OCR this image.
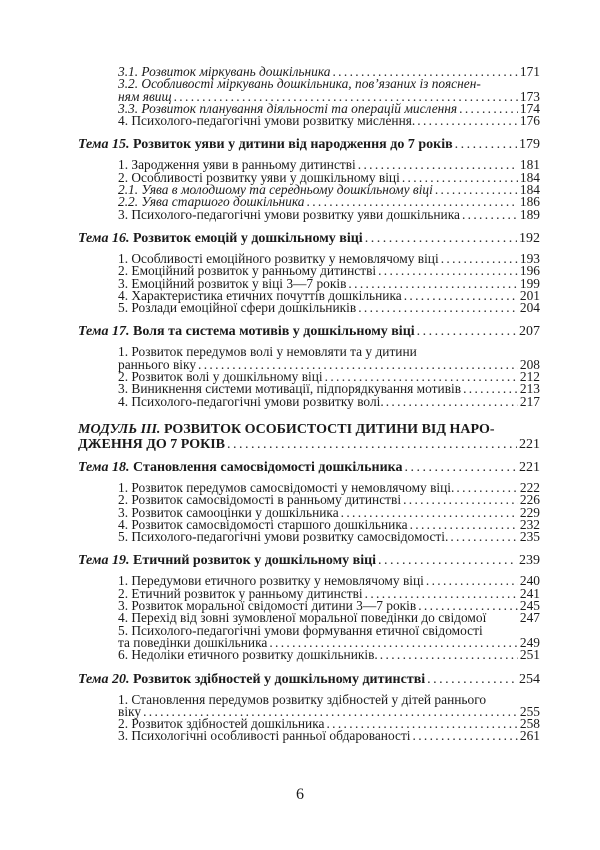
3.1. Розвиток міркувань дошкільника . . .	171
3.2. Особливості міркувань дошкільника, пов’язаних із пояснен-
ням явищ . . .	173
3.3. Розвиток планування діяльності та операцій мислення . . .	174
4. Психолого-педагогічні умови розвитку мислення. . . .	176
Тема 15. Розвиток уяви у дитини від народження до 7 років . . .	179
1. Зародження уяви в ранньому дитинстві . . .	181
2. Особливості розвитку уяви у дошкільному віці . . .	184
2.1. Уява в молодшому та середньому дошкільному віці . . .	184
2.2. Уява старшого дошкільника . . .	186
3. Психолого-педагогічні умови розвитку уяви дошкільника . . .	189
Тема 16. Розвиток емоцій у дошкільному віці . . .	192
1. Особливості емоційного розвитку у немовлячому віці . . .	193
2. Емоційний розвиток у ранньому дитинстві . . .	196
3. Емоційний розвиток у віці 3—7 років . . .	199
4. Характеристика етичних почуттів дошкільника . . .	201
5. Розлади емоційної сфери дошкільників . . .	204
Тема 17. Воля та система мотивів у дошкільному віці . . .	207
1. Розвиток передумов волі у немовляти та у дитини
раннього віку . . .	208
2. Розвиток волі у дошкільному віці . . .	212
3. Виникнення системи мотивації, підпорядкування мотивів . . .	213
4. Психолого-педагогічні умови розвитку волі. . . .	217
МОДУЛЬ III. РОЗВИТОК ОСОБИСТОСТІ ДИТИНИ ВІД НАРО-
ДЖЕННЯ ДО 7 РОКІВ . . .	221
Тема 18. Становлення самосвідомості дошкільника . . .	221
1. Розвиток передумов самосвідомості у немовлячому віці. . . .	222
2. Розвиток самосвідомості в ранньому дитинстві . . .	226
3. Розвиток самооцінки у дошкільника . . .	229
4. Розвиток самосвідомості старшого дошкільника . . .	232
5. Психолого-педагогічні умови розвитку самосвідомості. . . .	235
Тема 19. Етичний розвиток у дошкільному віці . . .	239
1. Передумови етичного розвитку у немовлячому віці . . .	240
2. Етичний розвиток у ранньому дитинстві . . .	241
3. Розвиток моральної свідомості дитини 3—7 років . . .	245
4. Перехід від зовні зумовленої моральної поведінки до свідомої	247
5. Психолого-педагогічні умови формування етичної свідомості
та поведінки дошкільника . . .	249
6. Недоліки етичного розвитку дошкільників. . . .	251
Тема 20. Розвиток здібностей у дошкільному дитинстві . . .	254
1. Становлення передумов розвитку здібностей у дітей раннього
віку . . .	255
2. Розвиток здібностей дошкільника . . .	258
3. Психологічні особливості ранньої обдарованості . . .	261
6
